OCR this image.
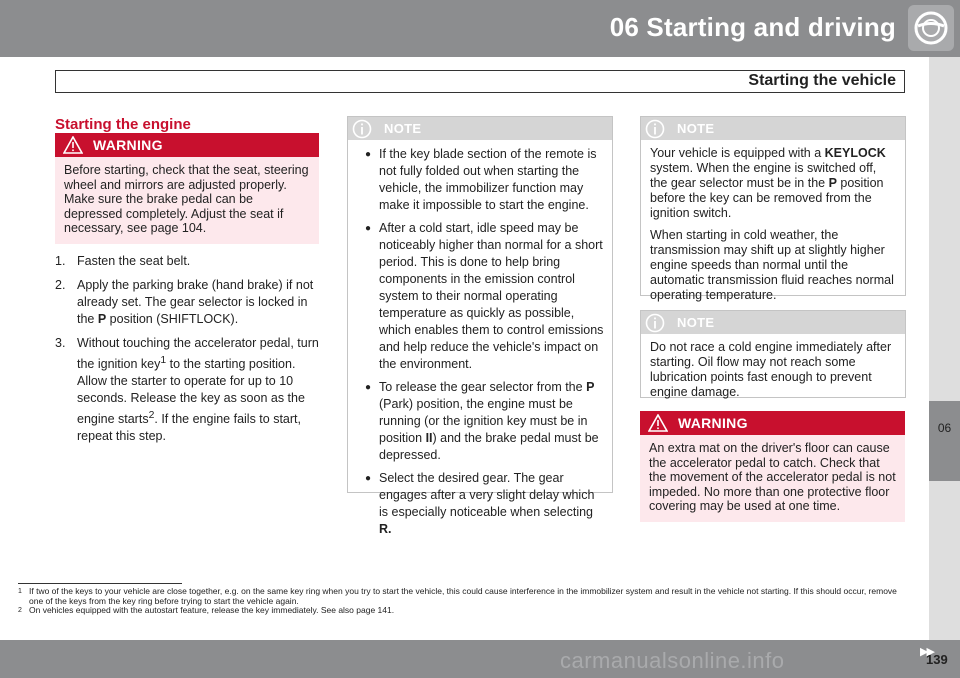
06 Starting and driving
Starting the vehicle
06
Starting the engine
WARNING
Before starting, check that the seat, steering wheel and mirrors are adjusted properly. Make sure the brake pedal can be depressed completely. Adjust the seat if necessary, see page 104.
1. Fasten the seat belt.
2. Apply the parking brake (hand brake) if not already set. The gear selector is locked in the P position (SHIFTLOCK).
3. Without touching the accelerator pedal, turn the ignition key$^1$ to the starting position. Allow the starter to operate for up to 10 seconds. Release the key as soon as the engine starts$^2$. If the engine fails to start, repeat this step.
NOTE
● If the key blade section of the remote is not fully folded out when starting the vehicle, the immobilizer function may make it impossible to start the engine.
● After a cold start, idle speed may be noticeably higher than normal for a short period. This is done to help bring components in the emission control system to their normal operating temperature as quickly as possible, which enables them to control emissions and help reduce the vehicle's impact on the environment.
● To release the gear selector from the P (Park) position, the engine must be running (or the ignition key must be in position II) and the brake pedal must be depressed.
● Select the desired gear. The gear engages after a very slight delay which is especially noticeable when selecting R.
NOTE

Your vehicle is equipped with a KEYLOCK system. When the engine is switched off, the gear selector must be in the P position before the key can be removed from the ignition switch.

When starting in cold weather, the transmission may shift up at slightly higher engine speeds than normal until the automatic transmission fluid reaches normal operating temperature.

NOTE
Do not race a cold engine immediately after starting. Oil flow may not reach some lubrication points fast enough to prevent engine damage.
WARNING
An extra mat on the driver's floor can cause the accelerator pedal to catch. Check that the movement of the accelerator pedal is not impeded. No more than one protective floor covering may be used at one time.
1 If two of the keys to your vehicle are close together, e.g. on the same key ring when you try to start the vehicle, this could cause interference in the immobilizer system and result in the vehicle not starting. If this should occur, remove one of the keys from the key ring before trying to start the vehicle again.
2 On vehicles equipped with the autostart feature, release the key immediately. See also page 141.
carmanualsonline.info	▶▶
139
